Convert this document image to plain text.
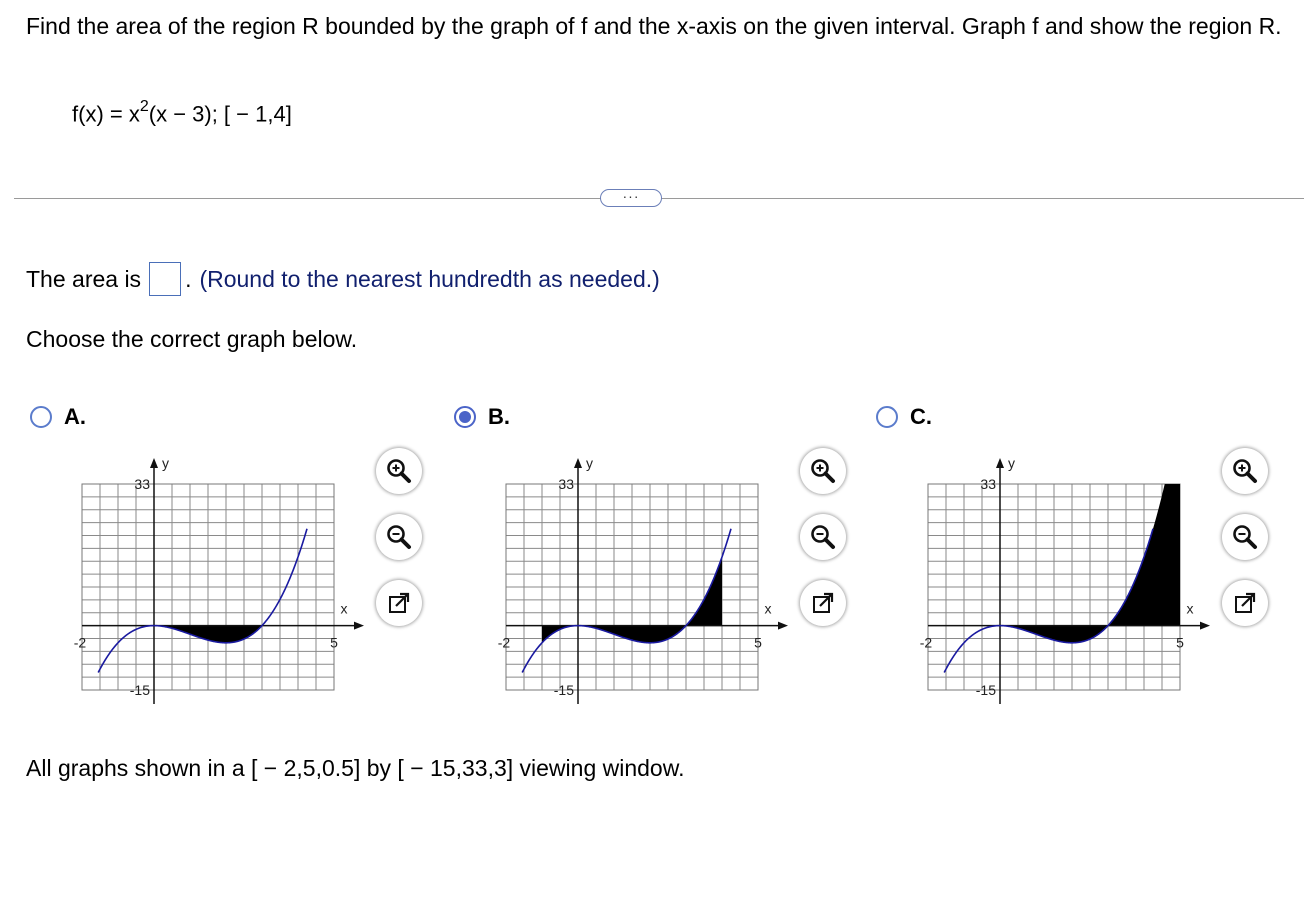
Find the area of the region R bounded by the graph of f and the x-axis on the given interval. Graph f and show the region R.
$f(x) = x^2(x - 3)$; [ − 1,4]
···
The area is . (Round to the nearest hundredth as needed.)
Choose the correct graph below.
A.	B.	C.
33
-15
-2	5
y
x
33
-15
-2	5
y
x
33
-15
-2	5
y
x
All graphs shown in a [ − 2,5,0.5] by [ − 15,33,3] viewing window.
